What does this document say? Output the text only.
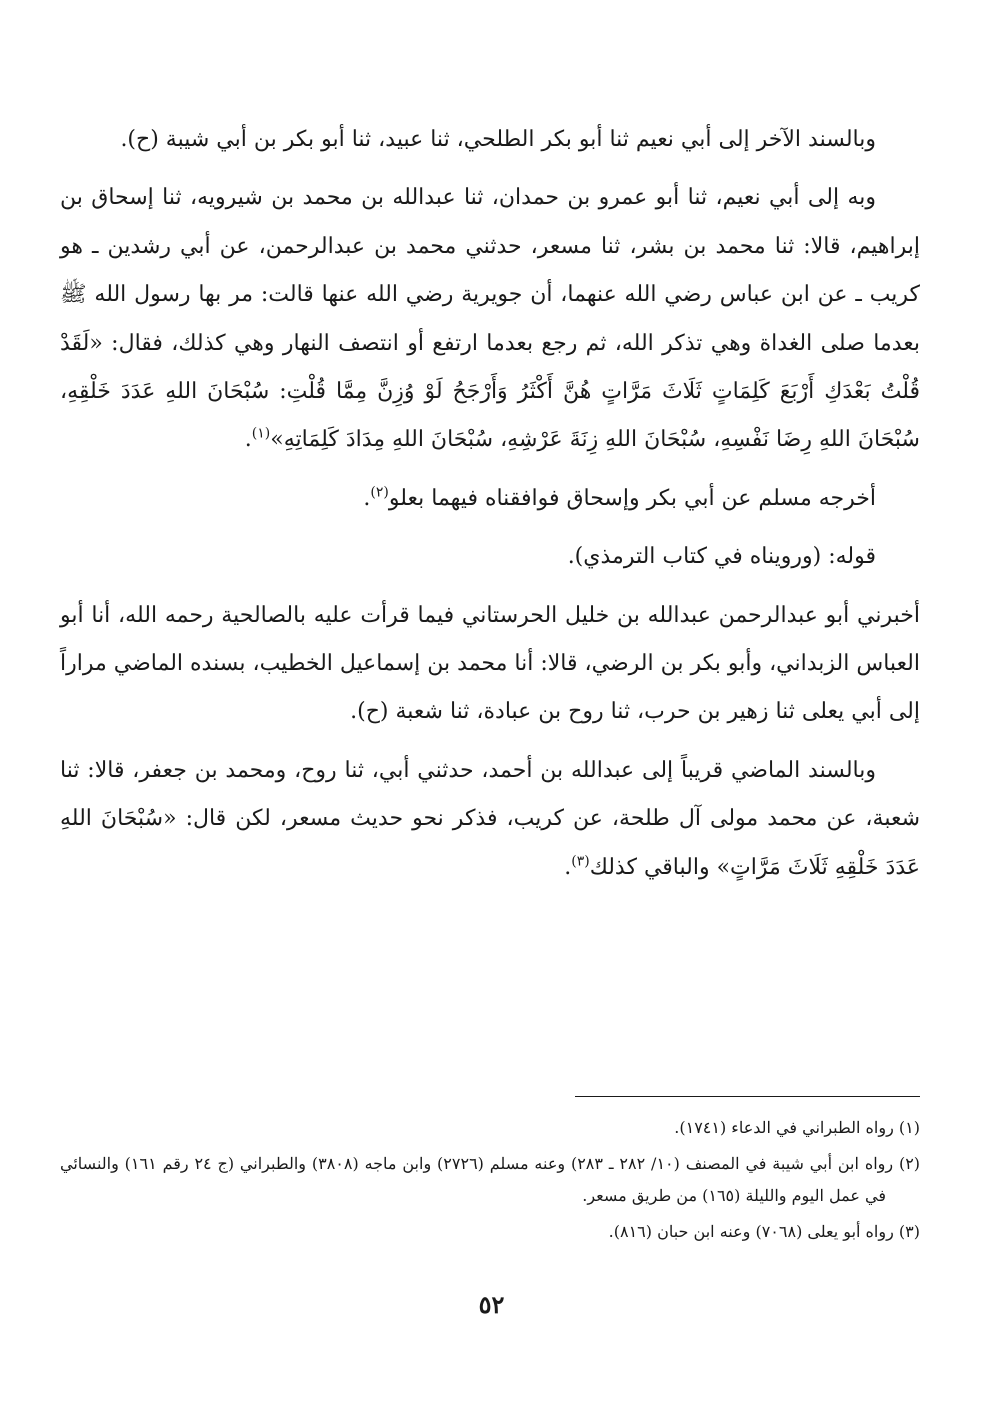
وبالسند الآخر إلى أبي نعيم ثنا أبو بكر الطلحي، ثنا عبيد، ثنا أبو بكر بن أبي شيبة (ح).

وبه إلى أبي نعيم، ثنا أبو عمرو بن حمدان، ثنا عبدالله بن محمد بن شيرويه، ثنا إسحاق بن إبراهيم، قالا: ثنا محمد بن بشر، ثنا مسعر، حدثني محمد بن عبدالرحمن، عن أبي رشدين ـ هو كريب ـ عن ابن عباس رضي الله عنهما، أن جويرية رضي الله عنها قالت: مر بها رسول الله ﷺ بعدما صلى الغداة وهي تذكر الله، ثم رجع بعدما ارتفع أو انتصف النهار وهي كذلك، فقال: «لَقَدْ قُلْتُ بَعْدَكِ أَرْبَعَ كَلِمَاتٍ ثَلَاثَ مَرَّاتٍ هُنَّ أَكْثَرُ وَأَرْجَحُ لَوْ وُزِنَّ مِمَّا قُلْتِ: سُبْحَانَ اللهِ عَدَدَ خَلْقِهِ، سُبْحَانَ اللهِ رِضَا نَفْسِهِ، سُبْحَانَ اللهِ زِنَةَ عَرْشِهِ، سُبْحَانَ اللهِ مِدَادَ كَلِمَاتِهِ»$^{(١)}$.

أخرجه مسلم عن أبي بكر وإسحاق فوافقناه فيهما بعلو$^{(٢)}$.

قوله: (ورويناه في كتاب الترمذي).

أخبرني أبو عبدالرحمن عبدالله بن خليل الحرستاني فيما قرأت عليه بالصالحية رحمه الله، أنا أبو العباس الزبداني، وأبو بكر بن الرضي، قالا: أنا محمد بن إسماعيل الخطيب، بسنده الماضي مراراً إلى أبي يعلى ثنا زهير بن حرب، ثنا روح بن عبادة، ثنا شعبة (ح).

وبالسند الماضي قريباً إلى عبدالله بن أحمد، حدثني أبي، ثنا روح، ومحمد بن جعفر، قالا: ثنا شعبة، عن محمد مولى آل طلحة، عن كريب، فذكر نحو حديث مسعر، لكن قال: «سُبْحَانَ اللهِ عَدَدَ خَلْقِهِ ثَلَاثَ مَرَّاتٍ» والباقي كذلك$^{(٣)}$.

(١) رواه الطبراني في الدعاء (١٧٤١).

(٢) رواه ابن أبي شيبة في المصنف (١٠/ ٢٨٢ ـ ٢٨٣) وعنه مسلم (٢٧٢٦) وابن ماجه (٣٨٠٨) والطبراني (ج ٢٤ رقم ١٦١) والنسائي في عمل اليوم والليلة (١٦٥) من طريق مسعر.

(٣) رواه أبو يعلى (٧٠٦٨) وعنه ابن حبان (٨١٦).

٥٢
